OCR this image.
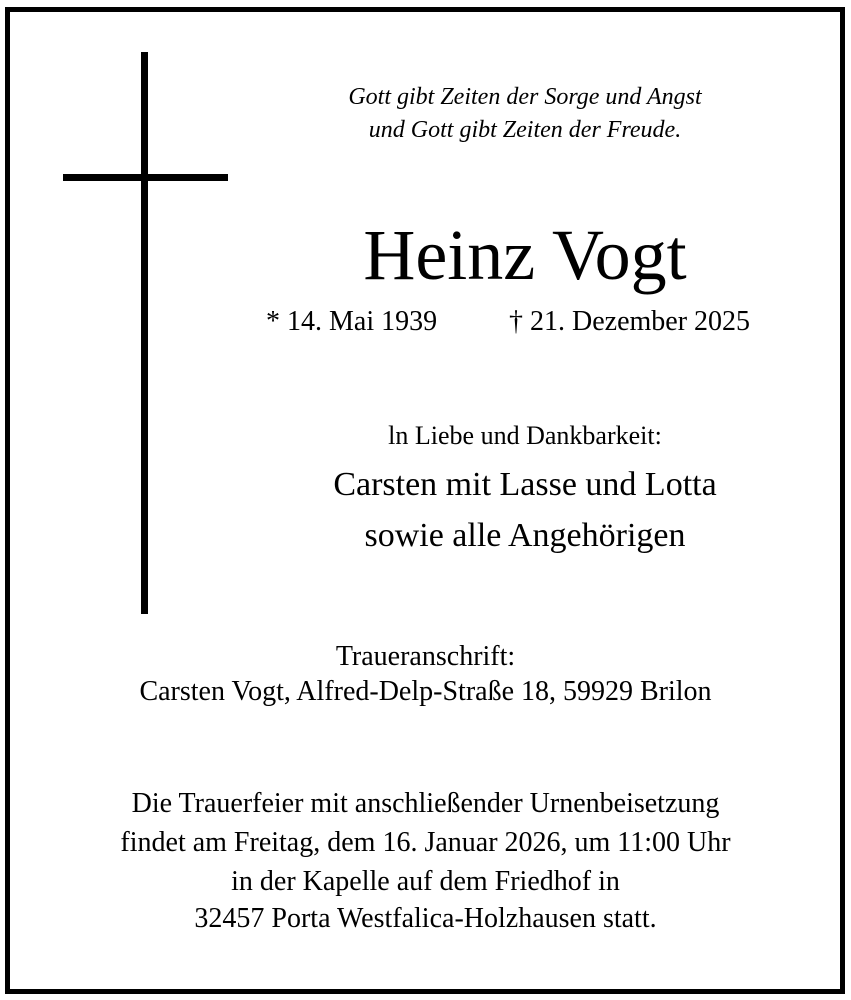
Gott gibt Zeiten der Sorge und Angst
und Gott gibt Zeiten der Freude.
Heinz Vogt
* 14. Mai 1939	† 21. Dezember 2025
ln Liebe und Dankbarkeit:
Carsten mit Lasse und Lotta
sowie alle Angehörigen
Traueranschrift:
Carsten Vogt, Alfred-Delp-Straße 18, 59929 Brilon
Die Trauerfeier mit anschließender Urnenbeisetzung
findet am Freitag, dem 16. Januar 2026, um 11:00 Uhr
in der Kapelle auf dem Friedhof in
32457 Porta Westfalica-Holzhausen statt.
